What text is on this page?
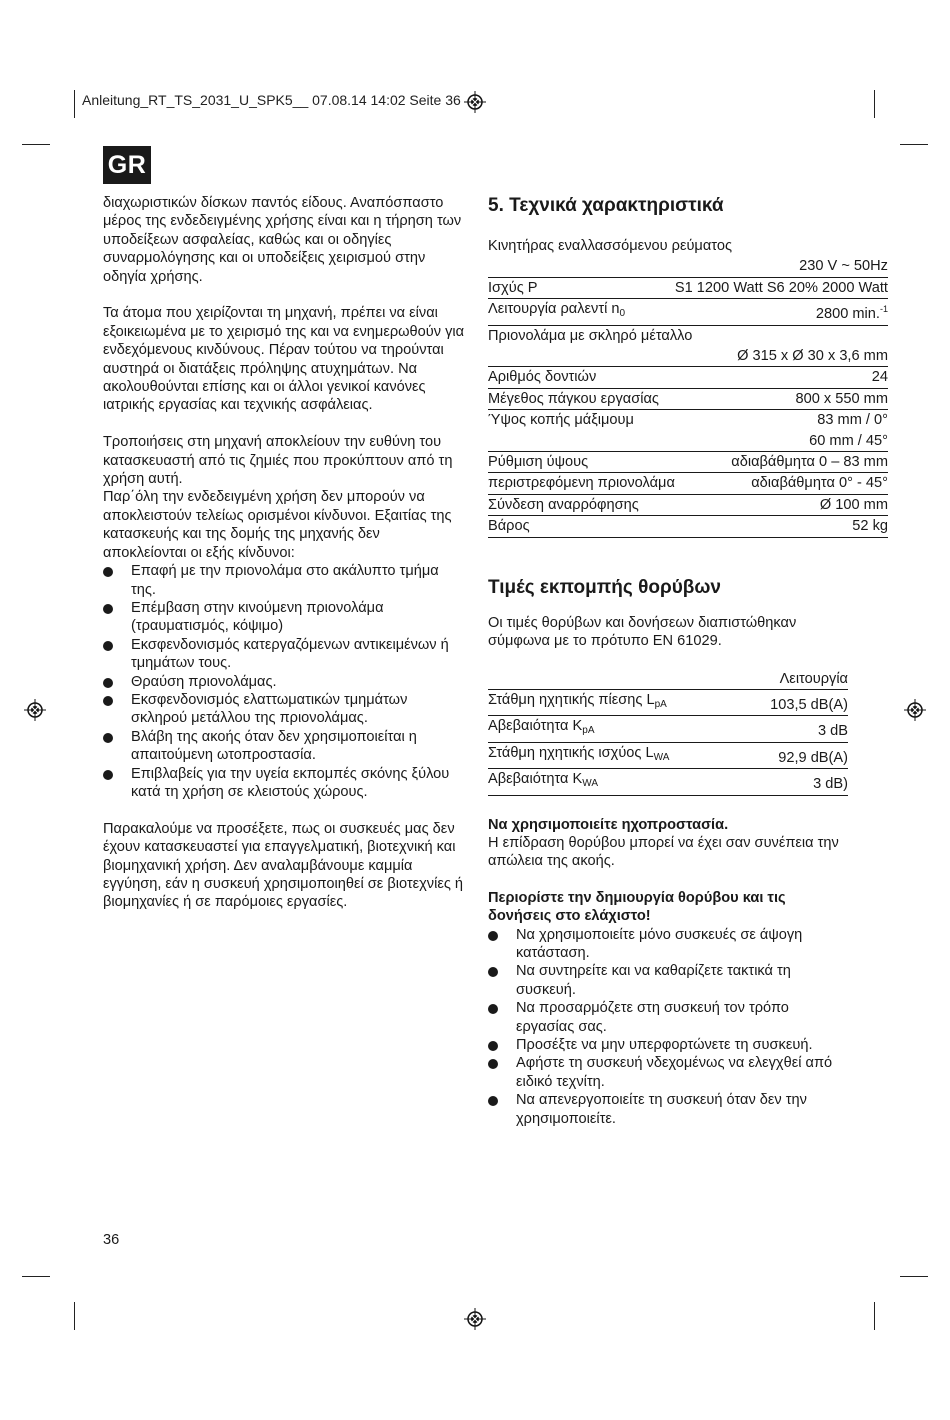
Anleitung_RT_TS_2031_U_SPK5__ 07.08.14 14:02 Seite 36
GR

διαχωριστικών δίσκων παντός είδους. Αναπόσπαστο μέρος της ενδεδειγμένης χρήσης είναι και η τήρηση των υποδείξεων ασφαλείας, καθώς και οι οδηγίες συναρμολόγησης και οι υποδείξεις χειρισμού στην οδηγία χρήσης.

Τα άτομα που χειρίζονται τη μηχανή, πρέπει να είναι εξοικειωμένα με το χειρισμό της και να ενημερωθούν για ενδεχόμενους κινδύνους. Πέραν τούτου να τηρούνται αυστηρά οι διατάξεις πρόληψης ατυχημάτων. Να ακολουθούνται επίσης και οι άλλοι γενικοί κανόνες ιατρικής εργασίας και τεχνικής ασφάλειας.

Τροποιήσεις στη μηχανή αποκλείουν την ευθύνη του κατασκευαστή από τις ζημιές που προκύπτουν από τη χρήση αυτή.

Παρ΄όλη την ενδεδειγμένη χρήση δεν μπορούν να αποκλειστούν τελείως ορισμένοι κίνδυνοι. Εξαιτίας της κατασκευής και της δομής της μηχανής δεν αποκλείονται οι εξής κίνδυνοι:

Επαφή με την πριονολάμα στο ακάλυπτο τμήμα της.
Επέμβαση στην κινούμενη πριονολάμα (τραυματισμός, κόψιμο)
Εκσφενδονισμός κατεργαζόμενων αντικειμένων ή τμημάτων τους.
Θραύση πριονολάμας.
Εκσφενδονισμός ελαττωματικών τμημάτων σκληρού μετάλλου της πριονολάμας.
Βλάβη της ακοής όταν δεν χρησιμοποιείται η απαιτούμενη ωτοπροστασία.
Επιβλαβείς για την υγεία εκπομπές σκόνης ξύλου κατά τη χρήση σε κλειστούς χώρους.

Παρακαλούμε να προσέξετε, πως οι συσκευές μας δεν έχουν κατασκευαστεί για επαγγελματική, βιοτεχνική και βιομηχανική χρήση. Δεν αναλαμβάνουμε καμμία εγγύηση, εάν η συσκευή χρησιμοποιηθεί σε βιοτεχνίες ή βιομηχανίες ή σε παρόμοιες εργασίες.

5. Τεχνικά χαρακτηριστικά
Κινητήρας εναλλασσόμενου ρεύματος	
	230 V ~ 50Hz
Ισχύς P	S1 1200 Watt S6 20% 2000 Watt
Λειτουργία ραλεντί $n_0$	2800 min.$^{-1}$
Πριονολάμα με σκληρό μέταλλο	
	Ø 315 x Ø 30 x 3,6 mm
Αριθμός δοντιών	24
Μέγεθος πάγκου εργασίας	800 x 550 mm
Ύψος κοπής μάξιμουμ	83 mm / 0°
	60 mm / 45°
Ρύθμιση ύψους	αδιαβάθμητα 0 – 83 mm
περιστρεφόμενη πριονολάμα	αδιαβάθμητα 0° - 45°
Σύνδεση αναρρόφησης	Ø 100 mm
Βάρος	52 kg
Τιμές εκπομπής θορύβων

Οι τιμές θορύβων και δονήσεων διαπιστώθηκαν σύμφωνα με το πρότυπο EN 61029.

	Λειτουργία
Στάθμη ηχητικής πίεσης $L_{pA}$	103,5 dB(A)
Αβεβαιότητα $K_{pA}$	3 dB
Στάθμη ηχητικής ισχύος $L_{WA}$	92,9 dB(A)
Αβεβαιότητα $K_{WA}$	3 dB)

Να χρησιμοποιείτε ηχοπροστασία.

Η επίδραση θορύβου μπορεί να έχει σαν συνέπεια την απώλεια της ακοής.

Περιορίστε την δημιουργία θορύβου και τις δονήσεις στο ελάχιστο!

Να χρησιμοποιείτε μόνο συσκευές σε άψογη κατάσταση.
Να συντηρείτε και να καθαρίζετε τακτικά τη συσκευή.
Να προσαρμόζετε στη συσκευή τον τρόπο εργασίας σας.
Προσέξτε να μην υπερφορτώνετε τη συσκευή.
Αφήστε τη συσκευή νδεχομένως να ελεγχθεί από ειδικό τεχνίτη.
Να απενεργοποιείτε τη συσκευή όταν δεν την χρησιμοποιείτε.
36
